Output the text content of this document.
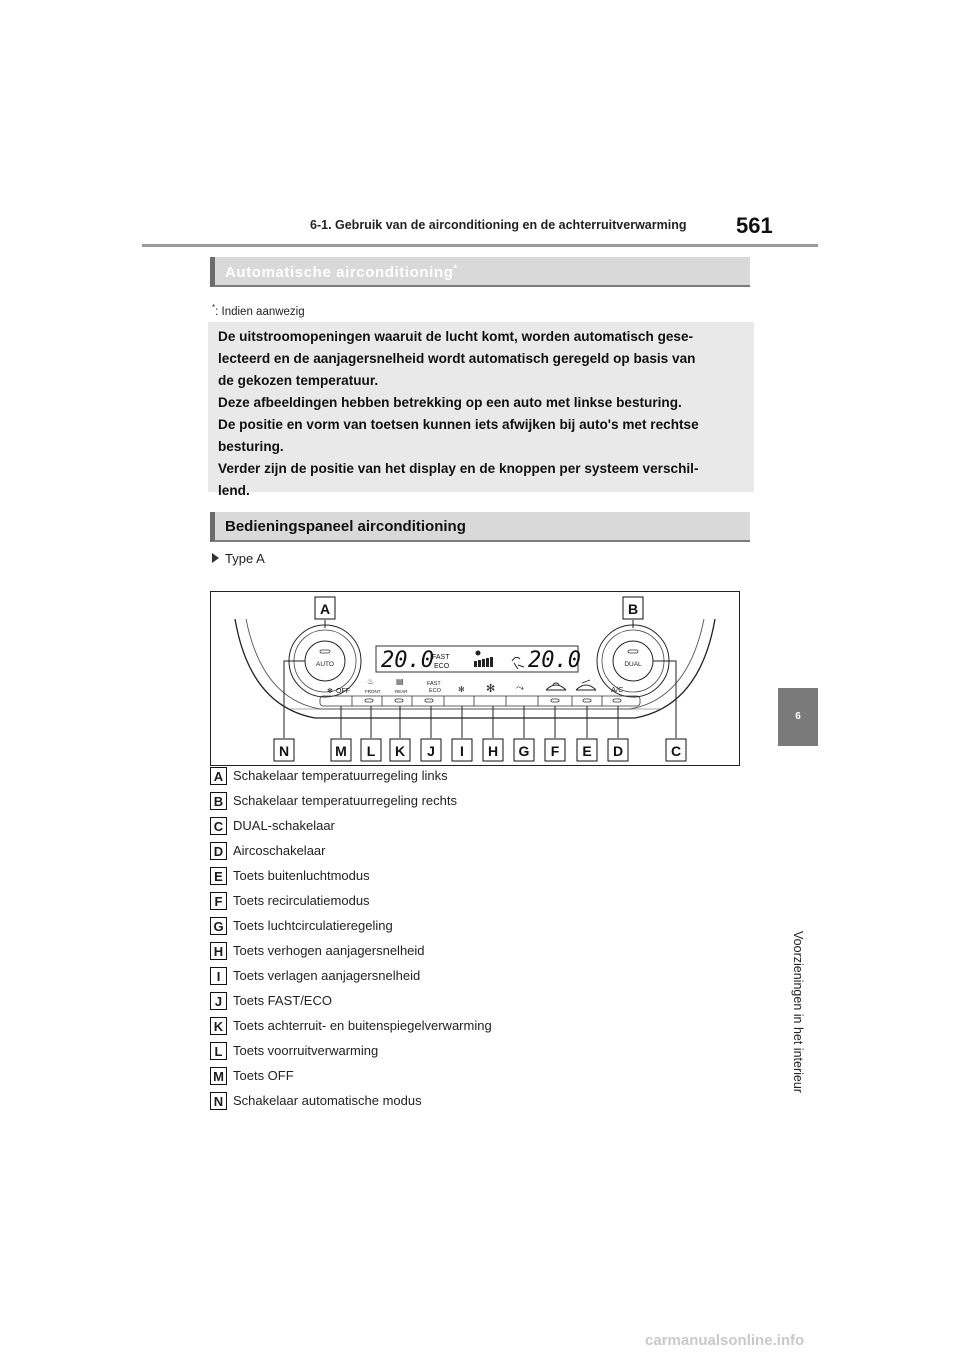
6-1. Gebruik van de airconditioning en de achterruitverwarming 561
6
Voorzieningen in het interieur
Automatische airconditioning*
*: Indien aanwezig

De uitstroomopeningen waaruit de lucht komt, worden automatisch gese-

lecteerd en de aanjagersnelheid wordt automatisch geregeld op basis van

de gekozen temperatuur.

Deze afbeeldingen hebben betrekking op een auto met linkse besturing.

De positie en vorm van toetsen kunnen iets afwijken bij auto's met rechtse

besturing.

Verder zijn de positie van het display en de knoppen per systeem verschil-

lend.

Bedieningspaneel airconditioning
Type A
20.0
FAST
ECO	20.0
AUTO	DUAL
OFF
✻
♨
FRONT
▤
REAR
FAST
ECO ✻ ✻ ⤳	A/C
A	B
N	M L K J I H G F E D	C
A Schakelaar temperatuurregeling links
B Schakelaar temperatuurregeling rechts
C DUAL-schakelaar
D Aircoschakelaar
E Toets buitenluchtmodus
F Toets recirculatiemodus
G Toets luchtcirculatieregeling
H Toets verhogen aanjagersnelheid
I Toets verlagen aanjagersnelheid
J Toets FAST/ECO
K Toets achterruit- en buitenspiegelverwarming
L Toets voorruitverwarming
M Toets OFF
N Schakelaar automatische modus
carmanualsonline.info
